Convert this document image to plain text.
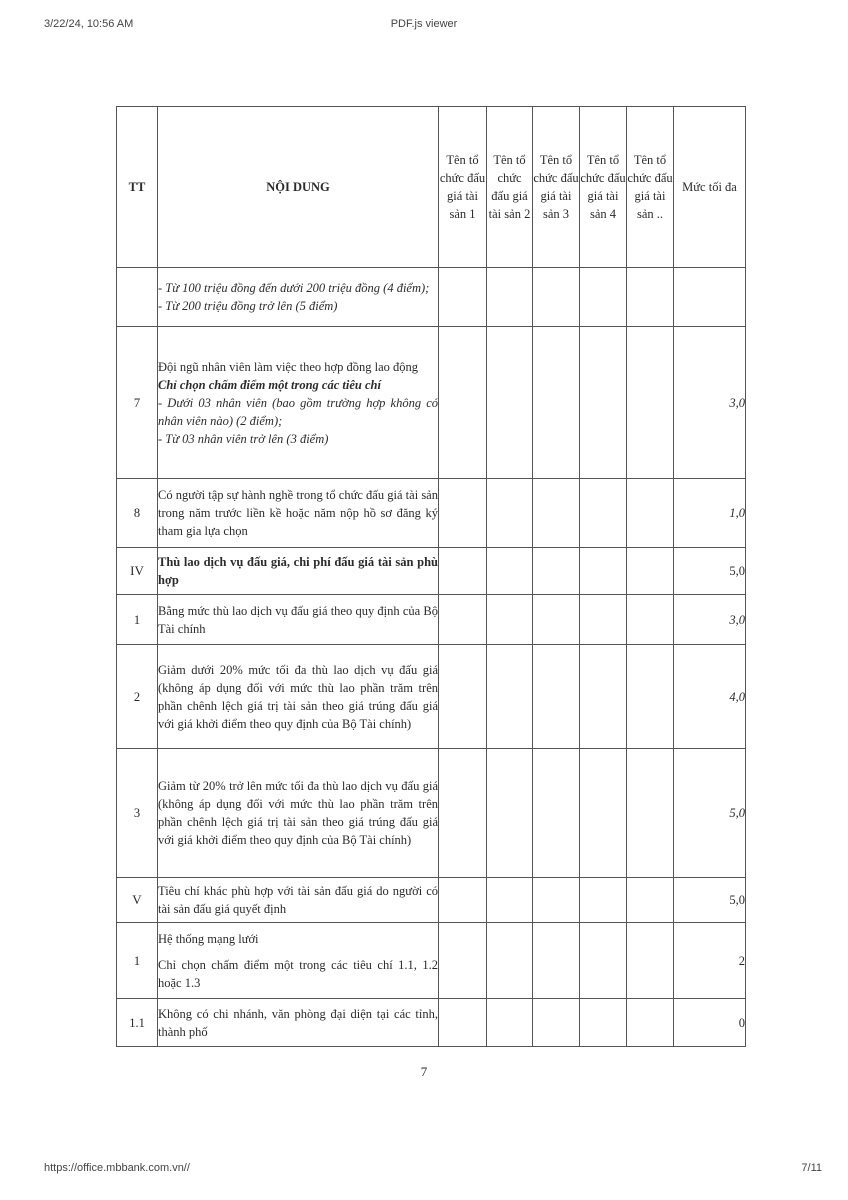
3/22/24, 10:56 AM	PDF.js viewer
TT	NỘI DUNG	Tên tổ chức đấu giá tài sản 1	Tên tổ chức đấu giá tài sản 2	Tên tổ chức đấu giá tài sản 3	Tên tổ chức đấu giá tài sản 4	Tên tổ chức đấu giá tài sản ..	Mức tối đa

	- Từ 100 triệu đồng đến dưới 200 triệu đồng (4 điểm);
- Từ 200 triệu đồng trở lên (5 điểm)						

7	Đội ngũ nhân viên làm việc theo hợp đồng lao động
Chỉ chọn chấm điểm một trong các tiêu chí
- Dưới 03 nhân viên (bao gồm trường hợp không có nhân viên nào) (2 điểm);
- Từ 03 nhân viên trở lên (3 điểm)						3,0
8	Có người tập sự hành nghề trong tổ chức đấu giá tài sản trong năm trước liền kề hoặc năm nộp hồ sơ đăng ký tham gia lựa chọn						1,0
IV	Thù lao dịch vụ đấu giá, chi phí đấu giá tài sản phù hợp						5,0
1	Bằng mức thù lao dịch vụ đấu giá theo quy định của Bộ Tài chính						3,0
2	Giảm dưới 20% mức tối đa thù lao dịch vụ đấu giá (không áp dụng đối với mức thù lao phần trăm trên phần chênh lệch giá trị tài sản theo giá trúng đấu giá với giá khởi điểm theo quy định của Bộ Tài chính)						4,0
3	Giảm từ 20% trở lên mức tối đa thù lao dịch vụ đấu giá (không áp dụng đối với mức thù lao phần trăm trên phần chênh lệch giá trị tài sản theo giá trúng đấu giá với giá khởi điểm theo quy định của Bộ Tài chính)						5,0
V	Tiêu chí khác phù hợp với tài sản đấu giá do người có tài sản đấu giá quyết định						5,0
1	Hệ thống mạng lưới
Chỉ chọn chấm điểm một trong các tiêu chí 1.1, 1.2 hoặc 1.3						2
1.1	Không có chi nhánh, văn phòng đại diện tại các tỉnh, thành phố						0
7
https://office.mbbank.com.vn//	7/11
